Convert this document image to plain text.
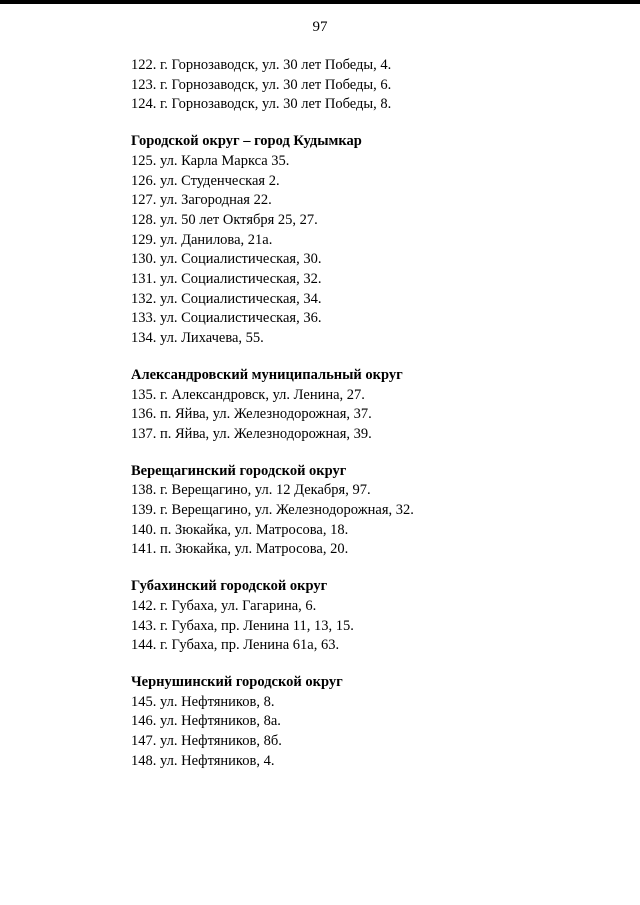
97
122. г. Горнозаводск, ул. 30 лет Победы, 4.
123. г. Горнозаводск, ул. 30 лет Победы, 6.
124. г. Горнозаводск, ул. 30 лет Победы, 8.
Городской округ – город Кудымкар
125. ул. Карла Маркса 35.
126. ул. Студенческая 2.
127. ул. Загородная 22.
128. ул. 50 лет Октября 25, 27.
129. ул. Данилова, 21а.
130. ул. Социалистическая, 30.
131. ул. Социалистическая, 32.
132. ул. Социалистическая, 34.
133. ул. Социалистическая, 36.
134. ул. Лихачева, 55.
Александровский муниципальный округ
135. г. Александровск, ул. Ленина, 27.
136. п. Яйва, ул. Железнодорожная, 37.
137. п. Яйва, ул. Железнодорожная, 39.
Верещагинский городской округ
138. г. Верещагино, ул. 12 Декабря, 97.
139. г. Верещагино, ул. Железнодорожная, 32.
140. п. Зюкайка, ул. Матросова, 18.
141. п. Зюкайка, ул. Матросова, 20.
Губахинский городской округ
142. г. Губаха, ул. Гагарина, 6.
143. г. Губаха, пр. Ленина 11, 13, 15.
144. г. Губаха, пр. Ленина 61а, 63.
Чернушинский городской округ
145. ул. Нефтяников, 8.
146. ул. Нефтяников, 8а.
147. ул. Нефтяников, 8б.
148. ул. Нефтяников, 4.
